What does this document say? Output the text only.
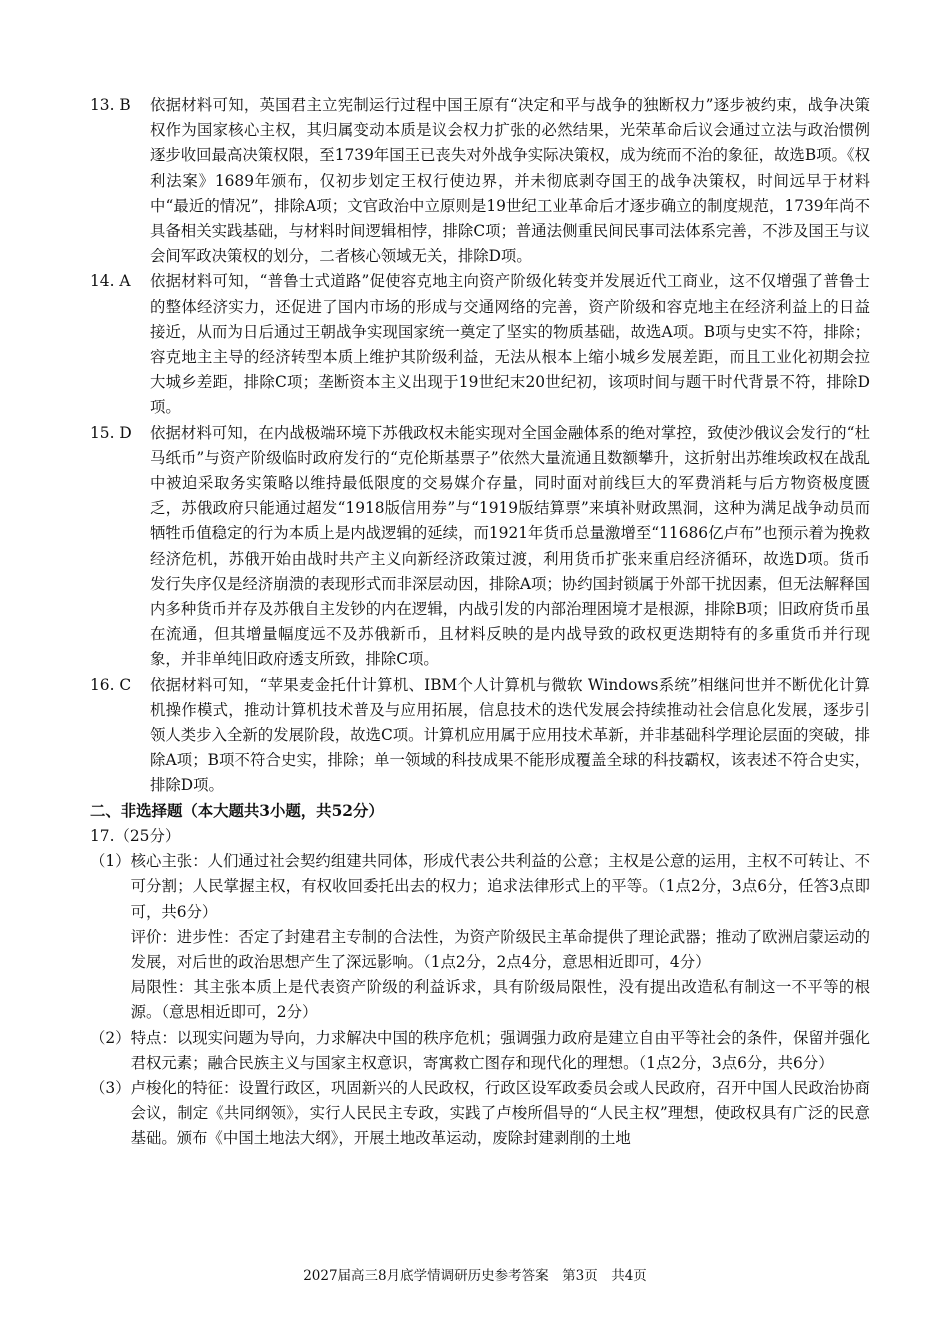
13. B	依据材料可知，英国君主立宪制运行过程中国王原有“决定和平与战争的独断权力”逐步被约束，战争决策权作为国家核心主权，其归属变动本质是议会权力扩张的必然结果，光荣革命后议会通过立法与政治惯例逐步收回最高决策权限，至1739年国王已丧失对外战争实际决策权，成为统而不治的象征，故选B项。《权利法案》1689年颁布，仅初步划定王权行使边界，并未彻底剥夺国王的战争决策权，时间远早于材料中“最近的情况”，排除A项；文官政治中立原则是19世纪工业革命后才逐步确立的制度规范，1739年尚不具备相关实践基础，与材料时间逻辑相悖，排除C项；普通法侧重民间民事司法体系完善，不涉及国王与议会间军政决策权的划分，二者核心领域无关，排除D项。
14. A	依据材料可知，“普鲁士式道路”促使容克地主向资产阶级化转变并发展近代工商业，这不仅增强了普鲁士的整体经济实力，还促进了国内市场的形成与交通网络的完善，资产阶级和容克地主在经济利益上的日益接近，从而为日后通过王朝战争实现国家统一奠定了坚实的物质基础，故选A项。B项与史实不符，排除；容克地主主导的经济转型本质上维护其阶级利益，无法从根本上缩小城乡发展差距，而且工业化初期会拉大城乡差距，排除C项；垄断资本主义出现于19世纪末20世纪初，该项时间与题干时代背景不符，排除D项。
15. D	依据材料可知，在内战极端环境下苏俄政权未能实现对全国金融体系的绝对掌控，致使沙俄议会发行的“杜马纸币”与资产阶级临时政府发行的“克伦斯基票子”依然大量流通且数额攀升，这折射出苏维埃政权在战乱中被迫采取务实策略以维持最低限度的交易媒介存量，同时面对前线巨大的军费消耗与后方物资极度匮乏，苏俄政府只能通过超发“1918版信用券”与“1919版结算票”来填补财政黑洞，这种为满足战争动员而牺牲币值稳定的行为本质上是内战逻辑的延续，而1921年货币总量激增至“11686亿卢布”也预示着为挽救经济危机，苏俄开始由战时共产主义向新经济政策过渡，利用货币扩张来重启经济循环，故选D项。货币发行失序仅是经济崩溃的表现形式而非深层动因，排除A项；协约国封锁属于外部干扰因素，但无法解释国内多种货币并存及苏俄自主发钞的内在逻辑，内战引发的内部治理困境才是根源，排除B项；旧政府货币虽在流通，但其增量幅度远不及苏俄新币，且材料反映的是内战导致的政权更迭期特有的多重货币并行现象，并非单纯旧政府透支所致，排除C项。
16. C	依据材料可知，“苹果麦金托什计算机、IBM个人计算机与微软 Windows系统”相继问世并不断优化计算机操作模式，推动计算机技术普及与应用拓展，信息技术的迭代发展会持续推动社会信息化发展，逐步引领人类步入全新的发展阶段，故选C项。计算机应用属于应用技术革新，并非基础科学理论层面的突破，排除A项；B项不符合史实，排除；单一领域的科技成果不能形成覆盖全球的科技霸权，该表述不符合史实，排除D项。
二、非选择题（本大题共3小题，共52分）
17.（25分）
（1） 核心主张：人们通过社会契约组建共同体，形成代表公共利益的公意；主权是公意的运用，主权不可转让、不可分割；人民掌握主权，有权收回委托出去的权力；追求法律形式上的平等。（1点2分，3点6分，任答3点即可，共6分）
评价：进步性：否定了封建君主专制的合法性，为资产阶级民主革命提供了理论武器；推动了欧洲启蒙运动的发展，对后世的政治思想产生了深远影响。（1点2分，2点4分，意思相近即可，4分）
局限性：其主张本质上是代表资产阶级的利益诉求，具有阶级局限性，没有提出改造私有制这一不平等的根源。（意思相近即可，2分）
（2） 特点：以现实问题为导向，力求解决中国的秩序危机；强调强力政府是建立自由平等社会的条件，保留并强化君权元素；融合民族主义与国家主权意识，寄寓救亡图存和现代化的理想。（1点2分，3点6分，共6分）
（3） 卢梭化的特征：设置行政区，巩固新兴的人民政权，行政区设军政委员会或人民政府，召开中国人民政治协商会议，制定《共同纲领》，实行人民民主专政，实践了卢梭所倡导的“人民主权”理想，使政权具有广泛的民意基础。颁布《中国土地法大纲》，开展土地改革运动，废除封建剥削的土地
2027届高三8月底学情调研历史参考答案　第3页　共4页
